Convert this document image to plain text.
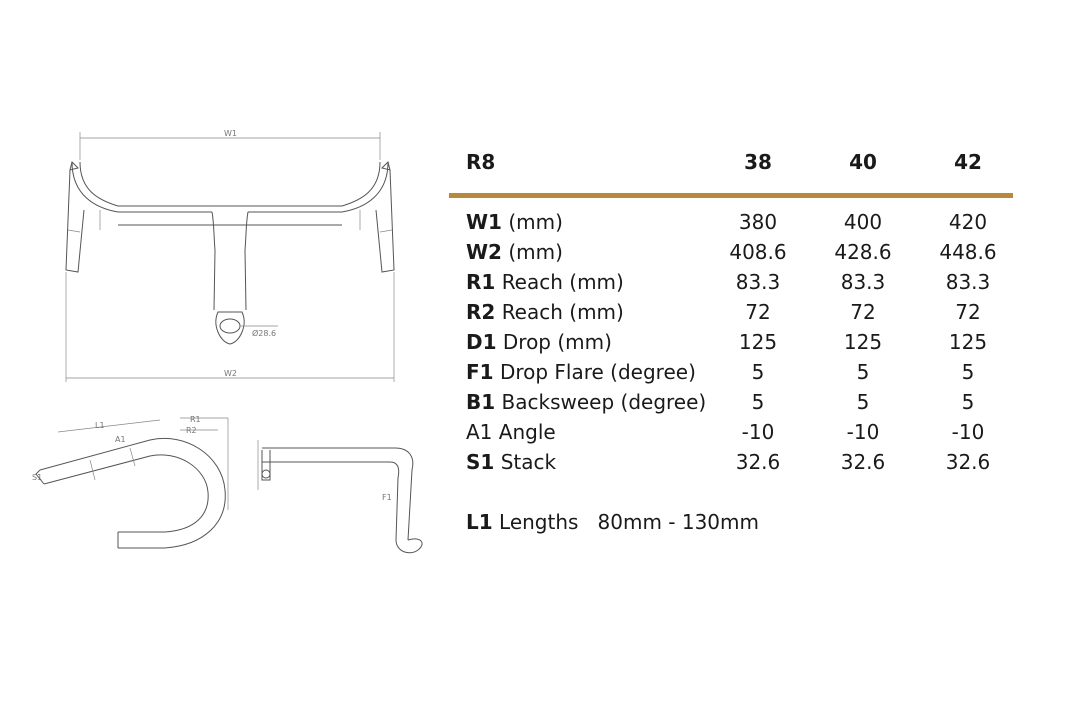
W1
Ø28.6
W2
L1
R1
R2
A1
S1
F1
R8	38	40	42
W1 (mm)	380	400	420
W2 (mm)	408.6	428.6	448.6
R1 Reach (mm)	83.3	83.3	83.3
R2 Reach (mm)	72	72	72
D1 Drop (mm)	125	125	125
F1 Drop Flare (degree)	5	5	5
B1 Backsweep (degree)	5	5	5
A1 Angle	-10	-10	-10
S1 Stack	32.6	32.6	32.6
L1 Lengths 80mm - 130mm
